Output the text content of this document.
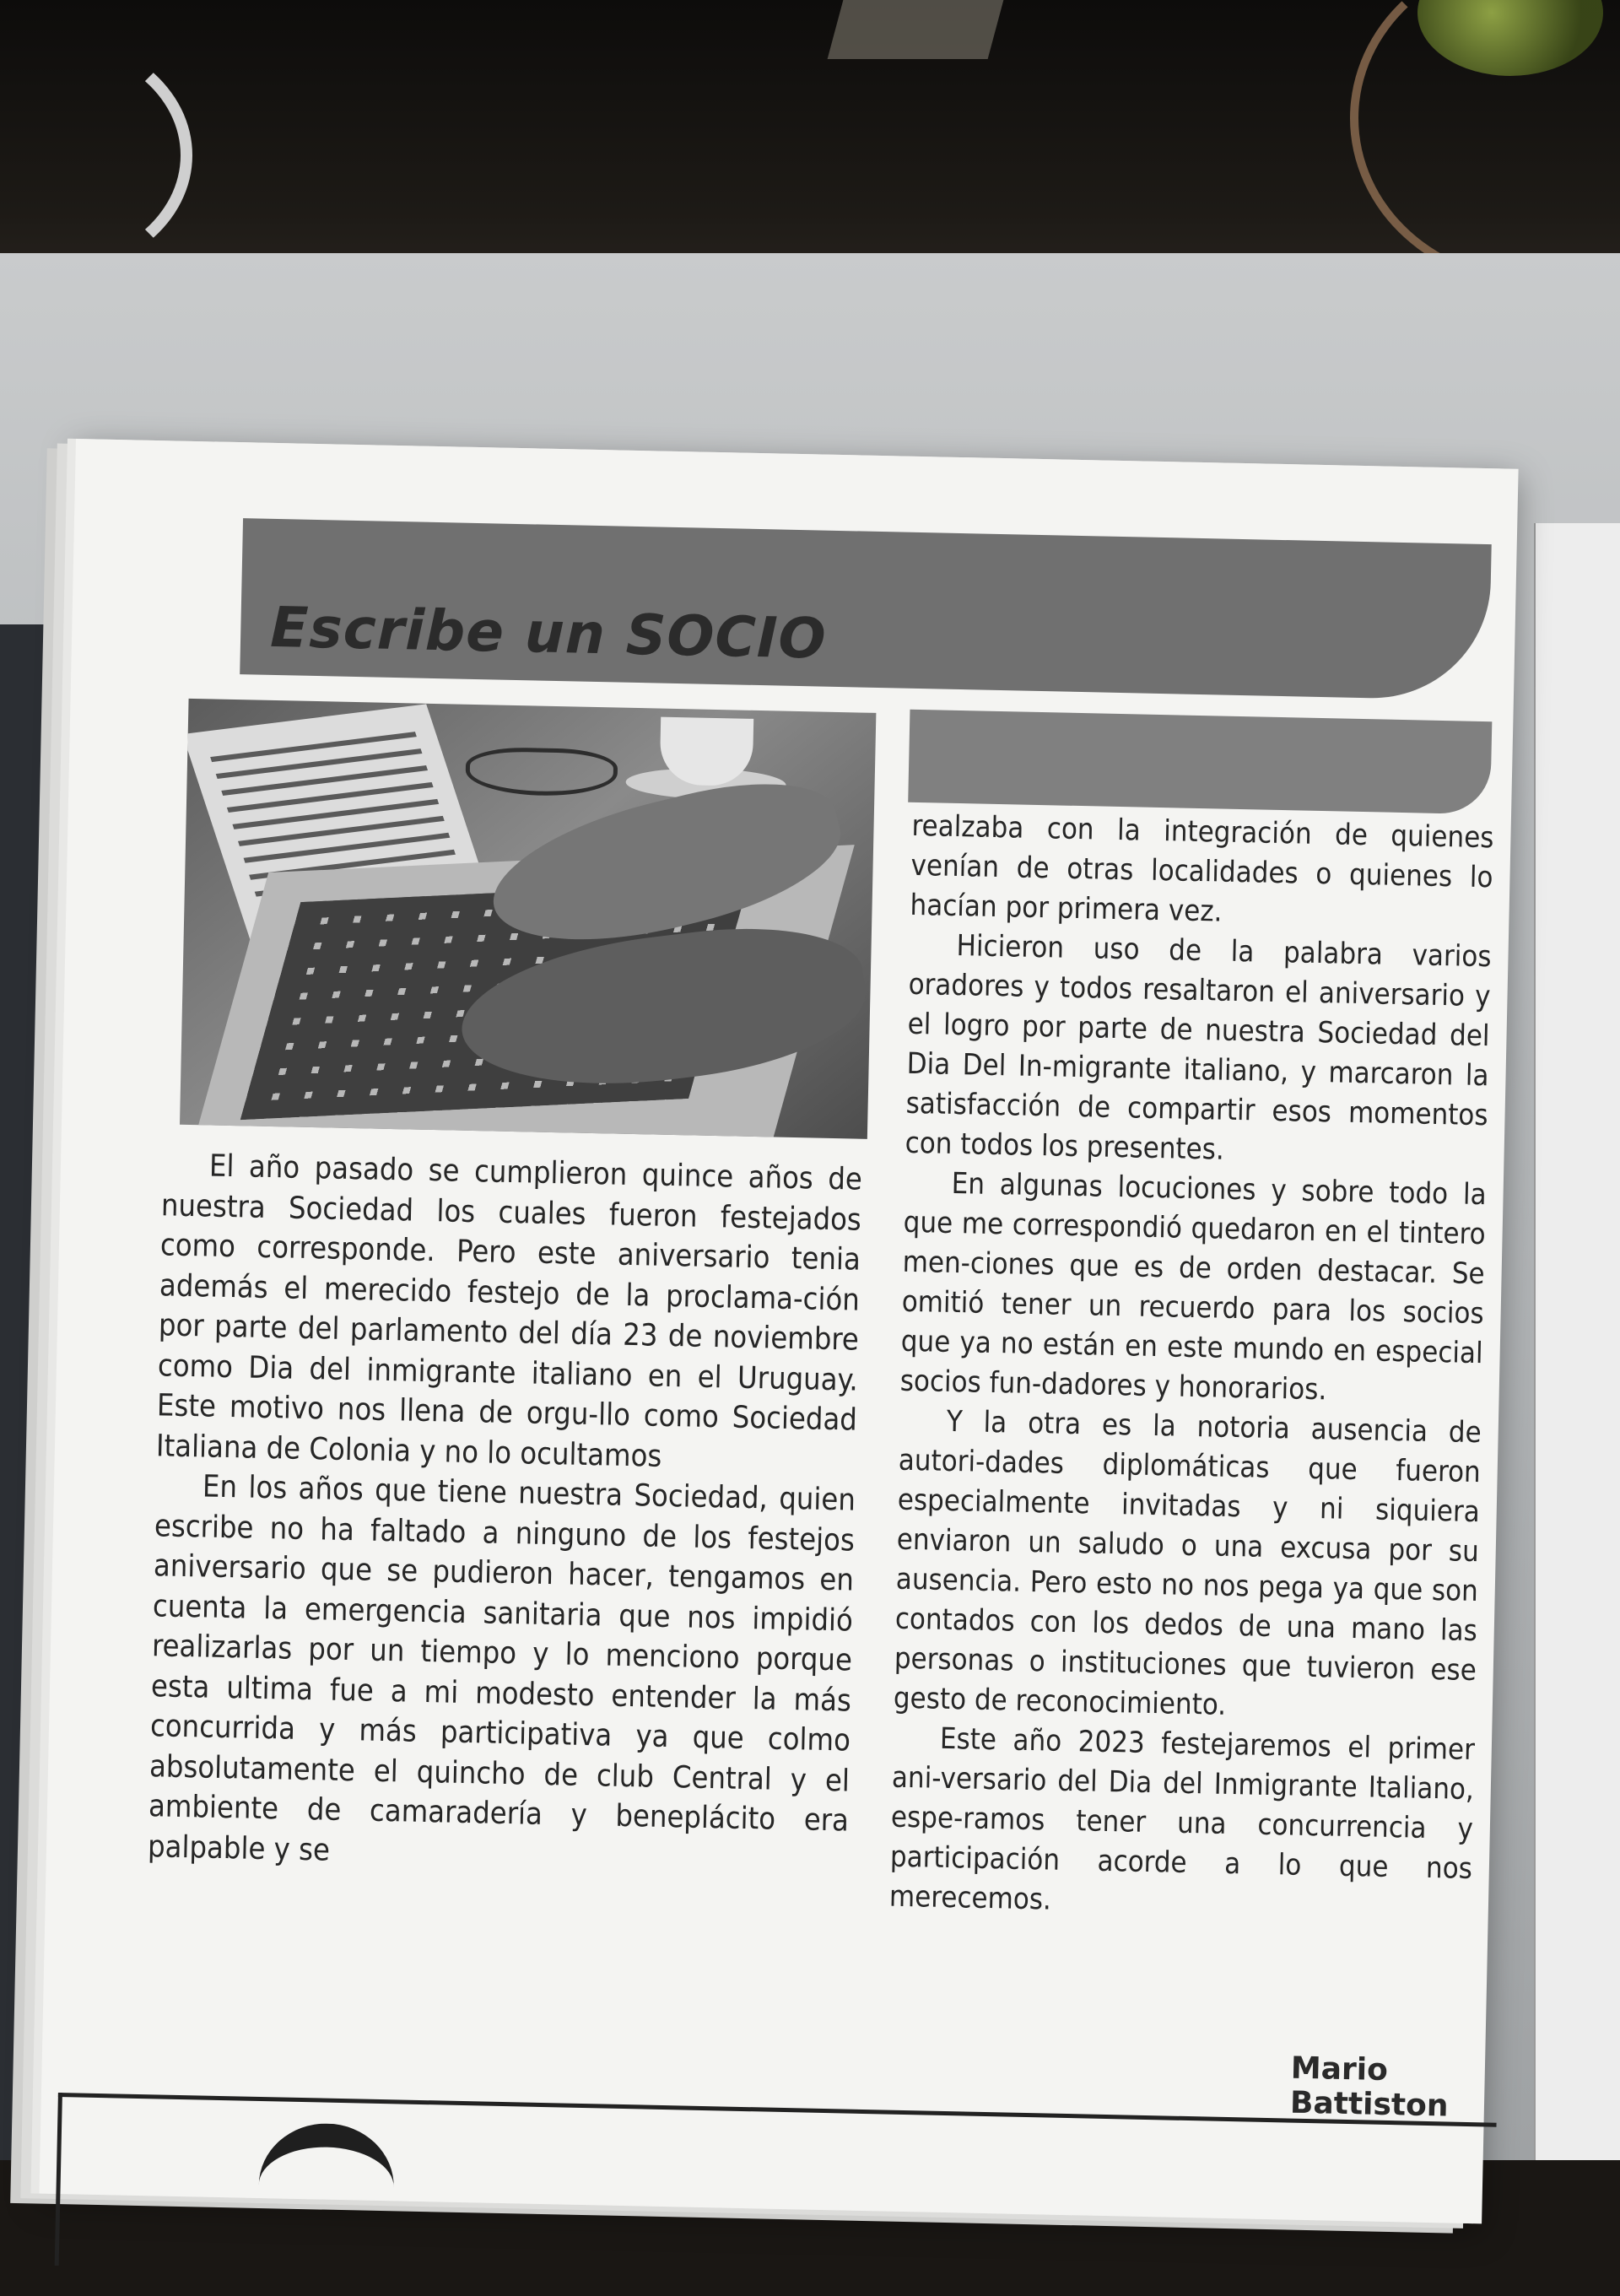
Escribe un SOCIO

El año pasado se cumplieron quince años de nuestra Sociedad los cuales fueron festejados como corresponde. Pero este aniversario tenia además el merecido festejo de la proclama-ción por parte del parlamento del día 23 de noviembre como Dia del inmigrante italiano en el Uruguay. Este motivo nos llena de orgu-llo como Sociedad Italiana de Colonia y no lo ocultamos

En los años que tiene nuestra Sociedad, quien escribe no ha faltado a ninguno de los festejos aniversario que se pudieron hacer, tengamos en cuenta la emergencia sanitaria que nos impidió realizarlas por un tiempo y lo menciono porque esta ultima fue a mi modesto entender la más concurrida y más participativa ya que colmo absolutamente el quincho de club Central y el ambiente de camaradería y beneplácito era palpable y se

realzaba con la integración de quienes venían de otras localidades o quienes lo hacían por primera vez.

Hicieron uso de la palabra varios oradores y todos resaltaron el aniversario y el logro por parte de nuestra Sociedad del Dia Del In-migrante italiano, y marcaron la satisfacción de compartir esos momentos con todos los presentes.

En algunas locuciones y sobre todo la que me correspondió quedaron en el tintero men-ciones que es de orden destacar. Se omitió tener un recuerdo para los socios que ya no están en este mundo en especial socios fun-dadores y honorarios.

Y la otra es la notoria ausencia de autori-dades diplomáticas que fueron especialmente invitadas y ni siquiera enviaron un saludo o una excusa por su ausencia. Pero esto no nos pega ya que son contados con los dedos de una mano las personas o instituciones que tuvieron ese gesto de reconocimiento.

Este año 2023 festejaremos el primer ani-versario del Dia del Inmigrante Italiano, espe-ramos tener una concurrencia y participación acorde a lo que nos merecemos.

Mario Battiston
